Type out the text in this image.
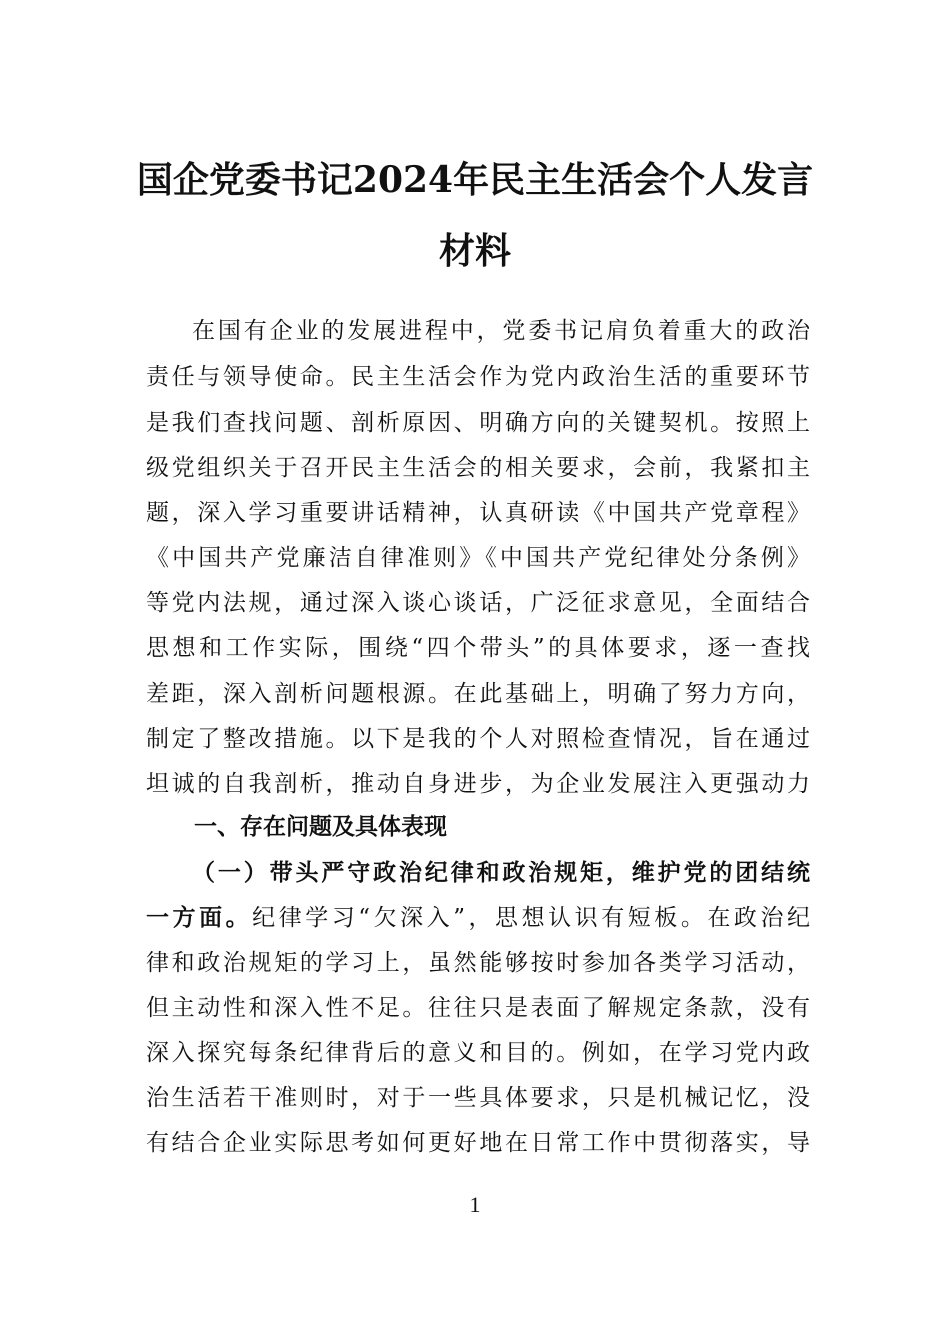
国企党委书记2024年民主生活会个人发言
材料
在国有企业的发展进程中，党委书记肩负着重大的政治
责任与领导使命。民主生活会作为党内政治生活的重要环节
是我们查找问题、剖析原因、明确方向的关键契机。按照上
级党组织关于召开民主生活会的相关要求，会前，我紧扣主
题，深入学习重要讲话精神，认真研读《中国共产党章程》
《中国共产党廉洁自律准则》《中国共产党纪律处分条例》
等党内法规，通过深入谈心谈话，广泛征求意见，全面结合
思想和工作实际，围绕“四个带头”的具体要求，逐一查找
差距，深入剖析问题根源。在此基础上，明确了努力方向，
制定了整改措施。以下是我的个人对照检查情况，旨在通过
坦诚的自我剖析，推动自身进步，为企业发展注入更强动力
一、存在问题及具体表现
（一）带头严守政治纪律和政治规矩，维护党的团结统
一方面。纪律学习“欠深入”，思想认识有短板。在政治纪
律和政治规矩的学习上，虽然能够按时参加各类学习活动，
但主动性和深入性不足。往往只是表面了解规定条款，没有
深入探究每条纪律背后的意义和目的。例如，在学习党内政
治生活若干准则时，对于一些具体要求，只是机械记忆，没
有结合企业实际思考如何更好地在日常工作中贯彻落实，导
1
